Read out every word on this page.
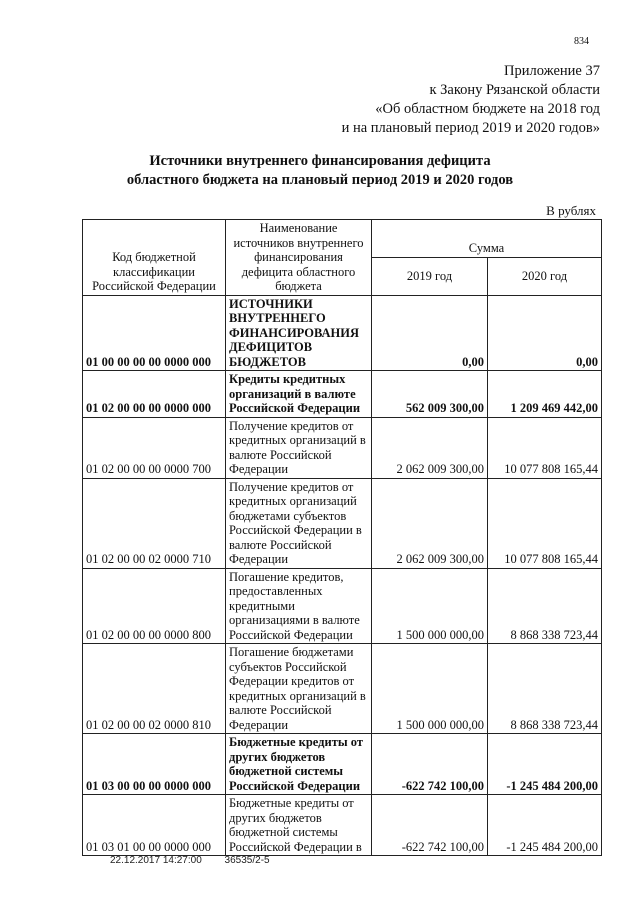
834
Приложение 37
к Закону Рязанской области
«Об областном бюджете на 2018 год
и на плановый период 2019 и 2020 годов»
Источники внутреннего финансирования дефицита
областного бюджета на плановый период 2019 и 2020 годов
В рублях
Код бюджетной классификации Российской Федерации	Наименование источников внутреннего финансирования дефицита областного бюджета	Сумма	
		2019 год	2020 год
01 00 00 00 00 0000 000	ИСТОЧНИКИ ВНУТРЕННЕГО ФИНАНСИРОВАНИЯ ДЕФИЦИТОВ БЮДЖЕТОВ	0,00	0,00
01 02 00 00 00 0000 000	Кредиты кредитных организаций в валюте Российской Федерации	562 009 300,00	1 209 469 442,00
01 02 00 00 00 0000 700	Получение кредитов от кредитных организаций в валюте Российской Федерации	2 062 009 300,00	10 077 808 165,44
01 02 00 00 02 0000 710	Получение кредитов от кредитных организаций бюджетами субъектов Российской Федерации в валюте Российской Федерации	2 062 009 300,00	10 077 808 165,44
01 02 00 00 00 0000 800	Погашение кредитов, предоставленных кредитными организациями в валюте Российской Федерации	1 500 000 000,00	8 868 338 723,44
01 02 00 00 02 0000 810	Погашение бюджетами субъектов Российской Федерации кредитов от кредитных организаций в валюте Российской Федерации	1 500 000 000,00	8 868 338 723,44
01 03 00 00 00 0000 000	Бюджетные кредиты от других бюджетов бюджетной системы Российской Федерации	-622 742 100,00	-1 245 484 200,00
01 03 01 00 00 0000 000	Бюджетные кредиты от других бюджетов бюджетной системы Российской Федерации в	-622 742 100,00	-1 245 484 200,00
22.12.2017 14:27:00 36535/2-5
